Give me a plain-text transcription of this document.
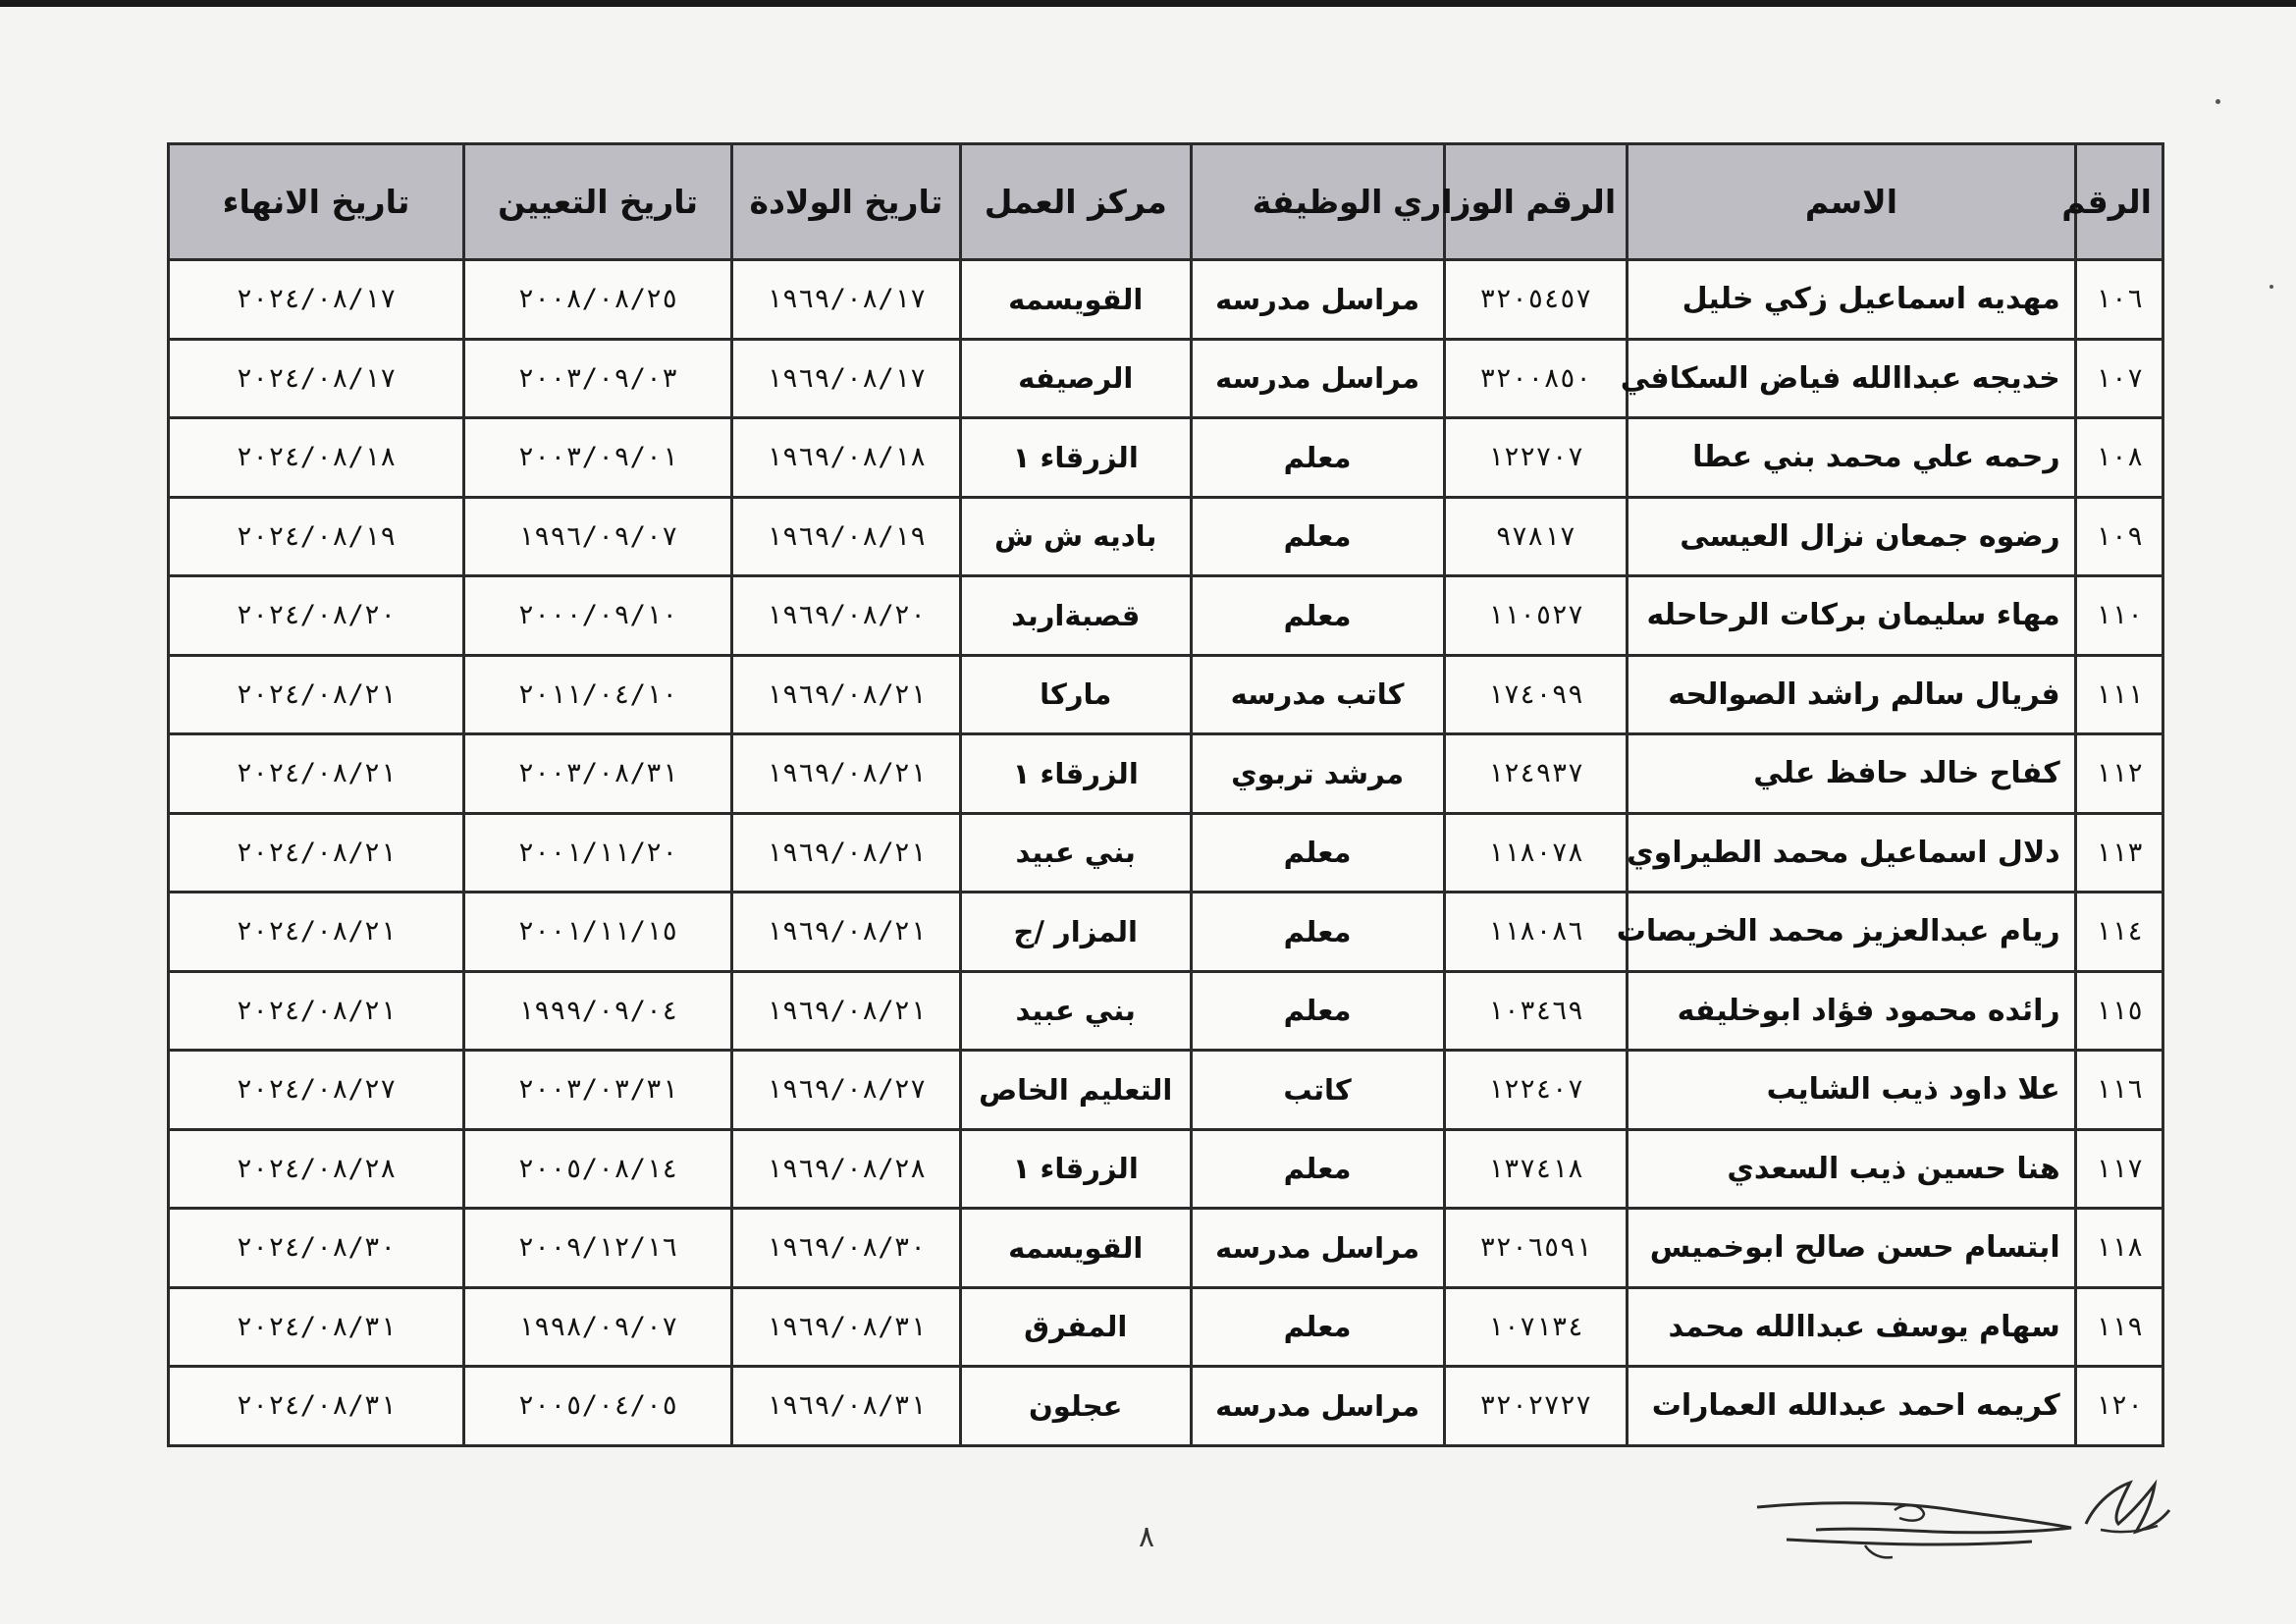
الرقم	الاسم	الرقم الوزاري	الوظيفة	مركز العمل	تاريخ الولادة	تاريخ التعيين	تاريخ الانهاء
١٠٦	مهديه اسماعيل زكي خليل	٣٢٠٥٤٥٧	مراسل مدرسه	القويسمه	١٩٦٩/٠٨/١٧	٢٠٠٨/٠٨/٢٥	٢٠٢٤/٠٨/١٧
١٠٧	خديجه عبداالله فياض السكافي	٣٢٠٠٨٥٠	مراسل مدرسه	الرصيفه	١٩٦٩/٠٨/١٧	٢٠٠٣/٠٩/٠٣	٢٠٢٤/٠٨/١٧
١٠٨	رحمه علي محمد بني عطا	١٢٢٧٠٧	معلم	الزرقاء ١	١٩٦٩/٠٨/١٨	٢٠٠٣/٠٩/٠١	٢٠٢٤/٠٨/١٨
١٠٩	رضوه جمعان نزال العيسى	٩٧٨١٧	معلم	باديه ش ش	١٩٦٩/٠٨/١٩	١٩٩٦/٠٩/٠٧	٢٠٢٤/٠٨/١٩
١١٠	مهاء سليمان بركات الرحاحله	١١٠٥٢٧	معلم	قصبةاربد	١٩٦٩/٠٨/٢٠	٢٠٠٠/٠٩/١٠	٢٠٢٤/٠٨/٢٠
١١١	فريال سالم راشد الصوالحه	١٧٤٠٩٩	كاتب مدرسه	ماركا	١٩٦٩/٠٨/٢١	٢٠١١/٠٤/١٠	٢٠٢٤/٠٨/٢١
١١٢	كفاح خالد حافظ علي	١٢٤٩٣٧	مرشد تربوي	الزرقاء ١	١٩٦٩/٠٨/٢١	٢٠٠٣/٠٨/٣١	٢٠٢٤/٠٨/٢١
١١٣	دلال اسماعيل محمد الطيراوي	١١٨٠٧٨	معلم	بني عبيد	١٩٦٩/٠٨/٢١	٢٠٠١/١١/٢٠	٢٠٢٤/٠٨/٢١
١١٤	ريام عبدالعزيز محمد الخريصات	١١٨٠٨٦	معلم	المزار /ج	١٩٦٩/٠٨/٢١	٢٠٠١/١١/١٥	٢٠٢٤/٠٨/٢١
١١٥	رائده محمود فؤاد ابوخليفه	١٠٣٤٦٩	معلم	بني عبيد	١٩٦٩/٠٨/٢١	١٩٩٩/٠٩/٠٤	٢٠٢٤/٠٨/٢١
١١٦	علا داود ذيب الشايب	١٢٢٤٠٧	كاتب	التعليم الخاص	١٩٦٩/٠٨/٢٧	٢٠٠٣/٠٣/٣١	٢٠٢٤/٠٨/٢٧
١١٧	هنا حسين ذيب السعدي	١٣٧٤١٨	معلم	الزرقاء ١	١٩٦٩/٠٨/٢٨	٢٠٠٥/٠٨/١٤	٢٠٢٤/٠٨/٢٨
١١٨	ابتسام حسن صالح ابوخميس	٣٢٠٦٥٩١	مراسل مدرسه	القويسمه	١٩٦٩/٠٨/٣٠	٢٠٠٩/١٢/١٦	٢٠٢٤/٠٨/٣٠
١١٩	سهام يوسف عبداالله محمد	١٠٧١٣٤	معلم	المفرق	١٩٦٩/٠٨/٣١	١٩٩٨/٠٩/٠٧	٢٠٢٤/٠٨/٣١
١٢٠	كريمه احمد عبدالله العمارات	٣٢٠٢٧٢٧	مراسل مدرسه	عجلون	١٩٦٩/٠٨/٣١	٢٠٠٥/٠٤/٠٥	٢٠٢٤/٠٨/٣١
٨
